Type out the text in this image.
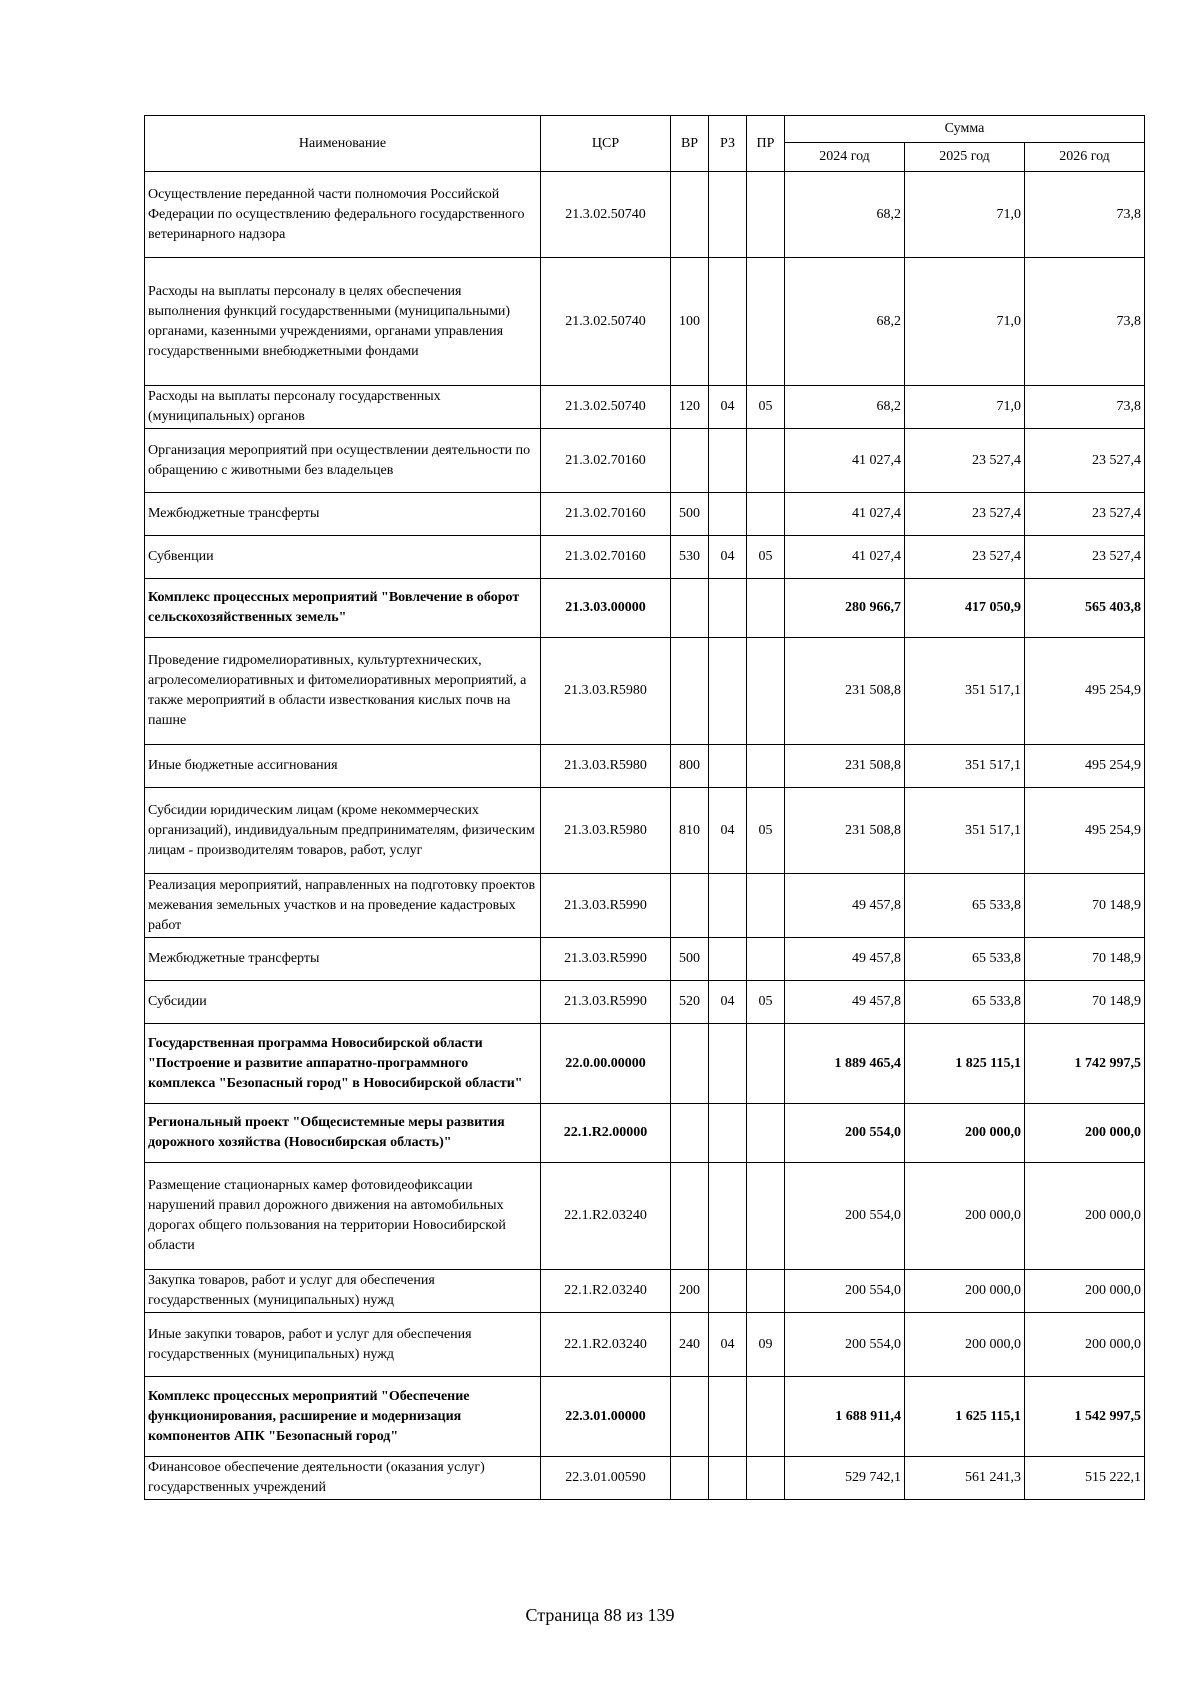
Наименование	ЦСР	ВР	РЗ	ПР	Сумма		
					2024 год	2025 год	2026 год
Осуществление переданной части полномочия Российской Федерации по осуществлению федерального государственного ветеринарного надзора	21.3.02.50740				68,2	71,0	73,8
Расходы на выплаты персоналу в целях обеспечения выполнения функций государственными (муниципальными) органами, казенными учреждениями, органами управления государственными внебюджетными фондами	21.3.02.50740	100			68,2	71,0	73,8
Расходы на выплаты персоналу государственных (муниципальных) органов	21.3.02.50740	120	04	05	68,2	71,0	73,8
Организация мероприятий при осуществлении деятельности по обращению с животными без владельцев	21.3.02.70160				41 027,4	23 527,4	23 527,4
Межбюджетные трансферты	21.3.02.70160	500			41 027,4	23 527,4	23 527,4
Субвенции	21.3.02.70160	530	04	05	41 027,4	23 527,4	23 527,4
Комплекс процессных мероприятий "Вовлечение в оборот сельскохозяйственных земель"	21.3.03.00000				280 966,7	417 050,9	565 403,8
Проведение гидромелиоративных, культуртехнических, агролесомелиоративных и фитомелиоративных мероприятий, а также мероприятий в области известкования кислых почв на пашне	21.3.03.R5980				231 508,8	351 517,1	495 254,9
Иные бюджетные ассигнования	21.3.03.R5980	800			231 508,8	351 517,1	495 254,9
Субсидии юридическим лицам (кроме некоммерческих организаций), индивидуальным предпринимателям, физическим лицам - производителям товаров, работ, услуг	21.3.03.R5980	810	04	05	231 508,8	351 517,1	495 254,9
Реализация мероприятий, направленных на подготовку проектов межевания земельных участков и на проведение кадастровых работ	21.3.03.R5990				49 457,8	65 533,8	70 148,9
Межбюджетные трансферты	21.3.03.R5990	500			49 457,8	65 533,8	70 148,9
Субсидии	21.3.03.R5990	520	04	05	49 457,8	65 533,8	70 148,9
Государственная программа Новосибирской области "Построение и развитие аппаратно-программного комплекса "Безопасный город" в Новосибирской области"	22.0.00.00000				1 889 465,4	1 825 115,1	1 742 997,5
Региональный проект "Общесистемные меры развития дорожного хозяйства (Новосибирская область)"	22.1.R2.00000				200 554,0	200 000,0	200 000,0
Размещение стационарных камер фотовидеофиксации нарушений правил дорожного движения на автомобильных дорогах общего пользования на территории Новосибирской области	22.1.R2.03240				200 554,0	200 000,0	200 000,0
Закупка товаров, работ и услуг для обеспечения государственных (муниципальных) нужд	22.1.R2.03240	200			200 554,0	200 000,0	200 000,0
Иные закупки товаров, работ и услуг для обеспечения государственных (муниципальных) нужд	22.1.R2.03240	240	04	09	200 554,0	200 000,0	200 000,0
Комплекс процессных мероприятий "Обеспечение функционирования, расширение и модернизация компонентов АПК "Безопасный город"	22.3.01.00000				1 688 911,4	1 625 115,1	1 542 997,5
Финансовое обеспечение деятельности (оказания услуг) государственных учреждений	22.3.01.00590				529 742,1	561 241,3	515 222,1
Страница 88 из 139
